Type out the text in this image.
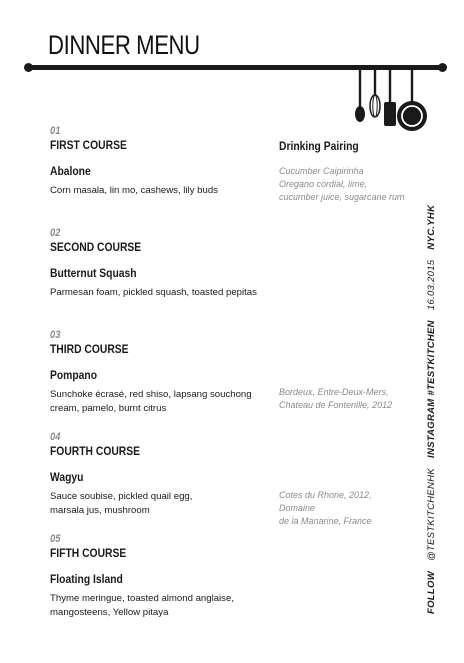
DINNER MENU
01
FIRST COURSE
Abalone
Corn masala, lin mo, cashews, lily buds
02
SECOND COURSE
Butternut Squash
Parmesan foam, pickled squash, toasted pepitas
03
THIRD COURSE
Pompano
Sunchoke écrasé, red shiso, lapsang souchong cream, pamelo, burnt citrus
04
FOURTH COURSE
Wagyu
Sauce soubise, pickled quail egg, marsala jus, mushroom
05
FIFTH COURSE
Floating Island
Thyme meringue, toasted almond anglaise, mangosteens, Yellow pitaya
Drinking Pairing
Cucumber Caipirinha
Oregano cordial, lime, cucumber juice, sugarcane rum
Bordeux, Entre-Deux-Mers,
Chateau de Fontenille, 2012
Cotes du Rhone, 2012, Domaine
de la Manarine, France
FOLLOW@TESTKITCHENHKINSTAGRAM #TESTKITCHEN16.03.2015NYC.YHK
